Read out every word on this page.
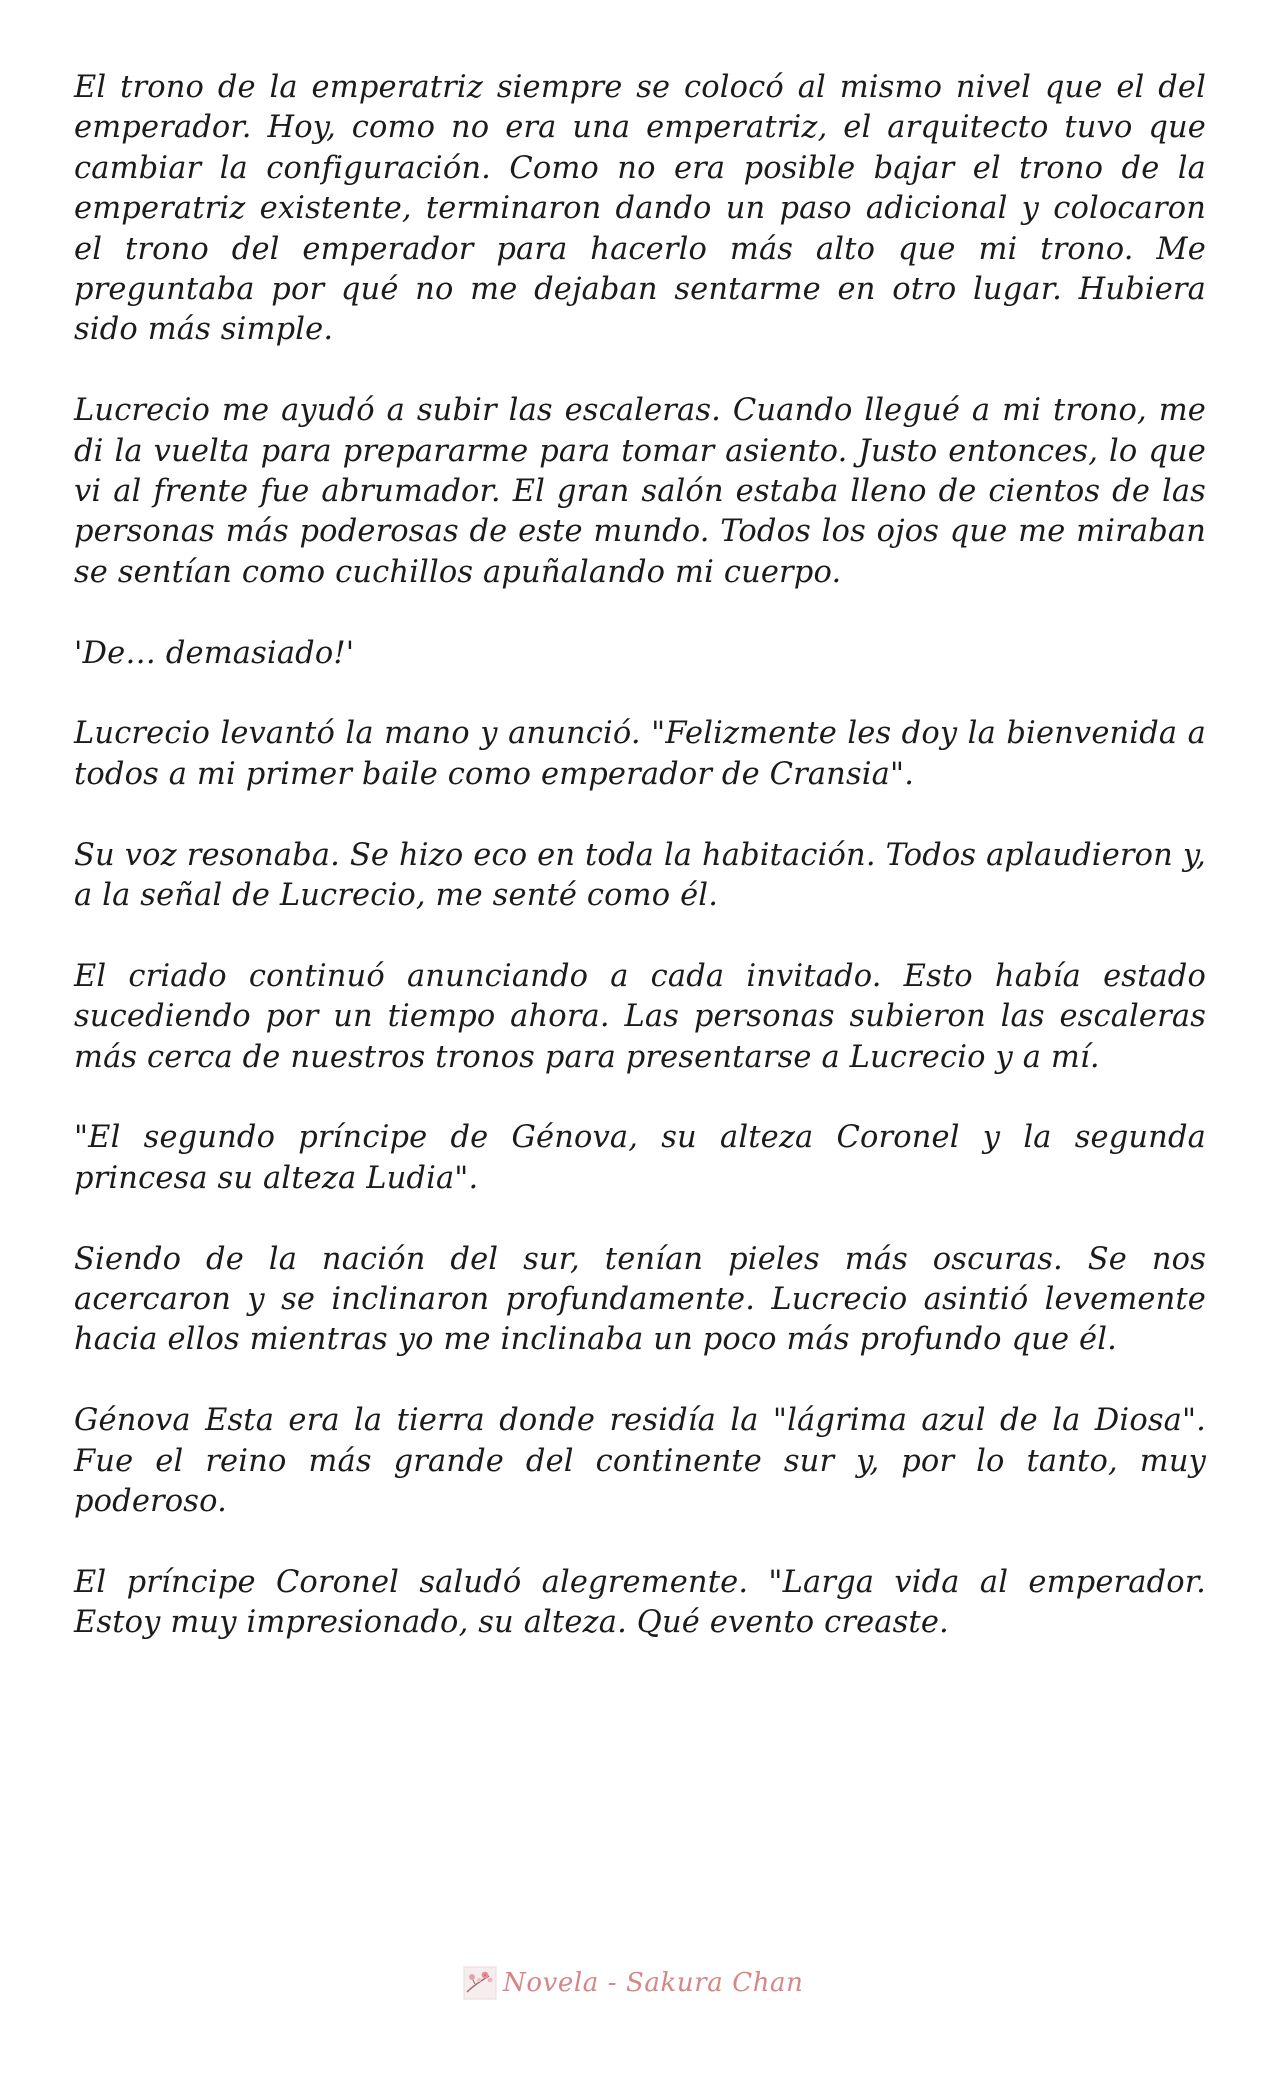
El trono de la emperatriz siempre se colocó al mismo nivel que el del emperador. Hoy, como no era una emperatriz, el arquitecto tuvo que cambiar la configuración. Como no era posible bajar el trono de la emperatriz existente, terminaron dando un paso adicional y colocaron el trono del emperador para hacerlo más alto que mi trono. Me preguntaba por qué no me dejaban sentarme en otro lugar. Hubiera sido más simple.

Lucrecio me ayudó a subir las escaleras. Cuando llegué a mi trono, me di la vuelta para prepararme para tomar asiento. Justo entonces, lo que vi al frente fue abrumador. El gran salón estaba lleno de cientos de las personas más poderosas de este mundo. Todos los ojos que me miraban se sentían como cuchillos apuñalando mi cuerpo.

'De… demasiado!'

Lucrecio levantó la mano y anunció. "Felizmente les doy la bienvenida a todos a mi primer baile como emperador de Cransia".

Su voz resonaba. Se hizo eco en toda la habitación. Todos aplaudieron y, a la señal de Lucrecio, me senté como él.

El criado continuó anunciando a cada invitado. Esto había estado sucediendo por un tiempo ahora. Las personas subieron las escaleras más cerca de nuestros tronos para presentarse a Lucrecio y a mí.

"El segundo príncipe de Génova, su alteza Coronel y la segunda princesa su alteza Ludia".

Siendo de la nación del sur, tenían pieles más oscuras. Se nos acercaron y se inclinaron profundamente. Lucrecio asintió levemente hacia ellos mientras yo me inclinaba un poco más profundo que él.

Génova Esta era la tierra donde residía la "lágrima azul de la Diosa". Fue el reino más grande del continente sur y, por lo tanto, muy poderoso.

El príncipe Coronel saludó alegremente. "Larga vida al emperador. Estoy muy impresionado, su alteza. Qué evento creaste.

Novela - Sakura Chan
